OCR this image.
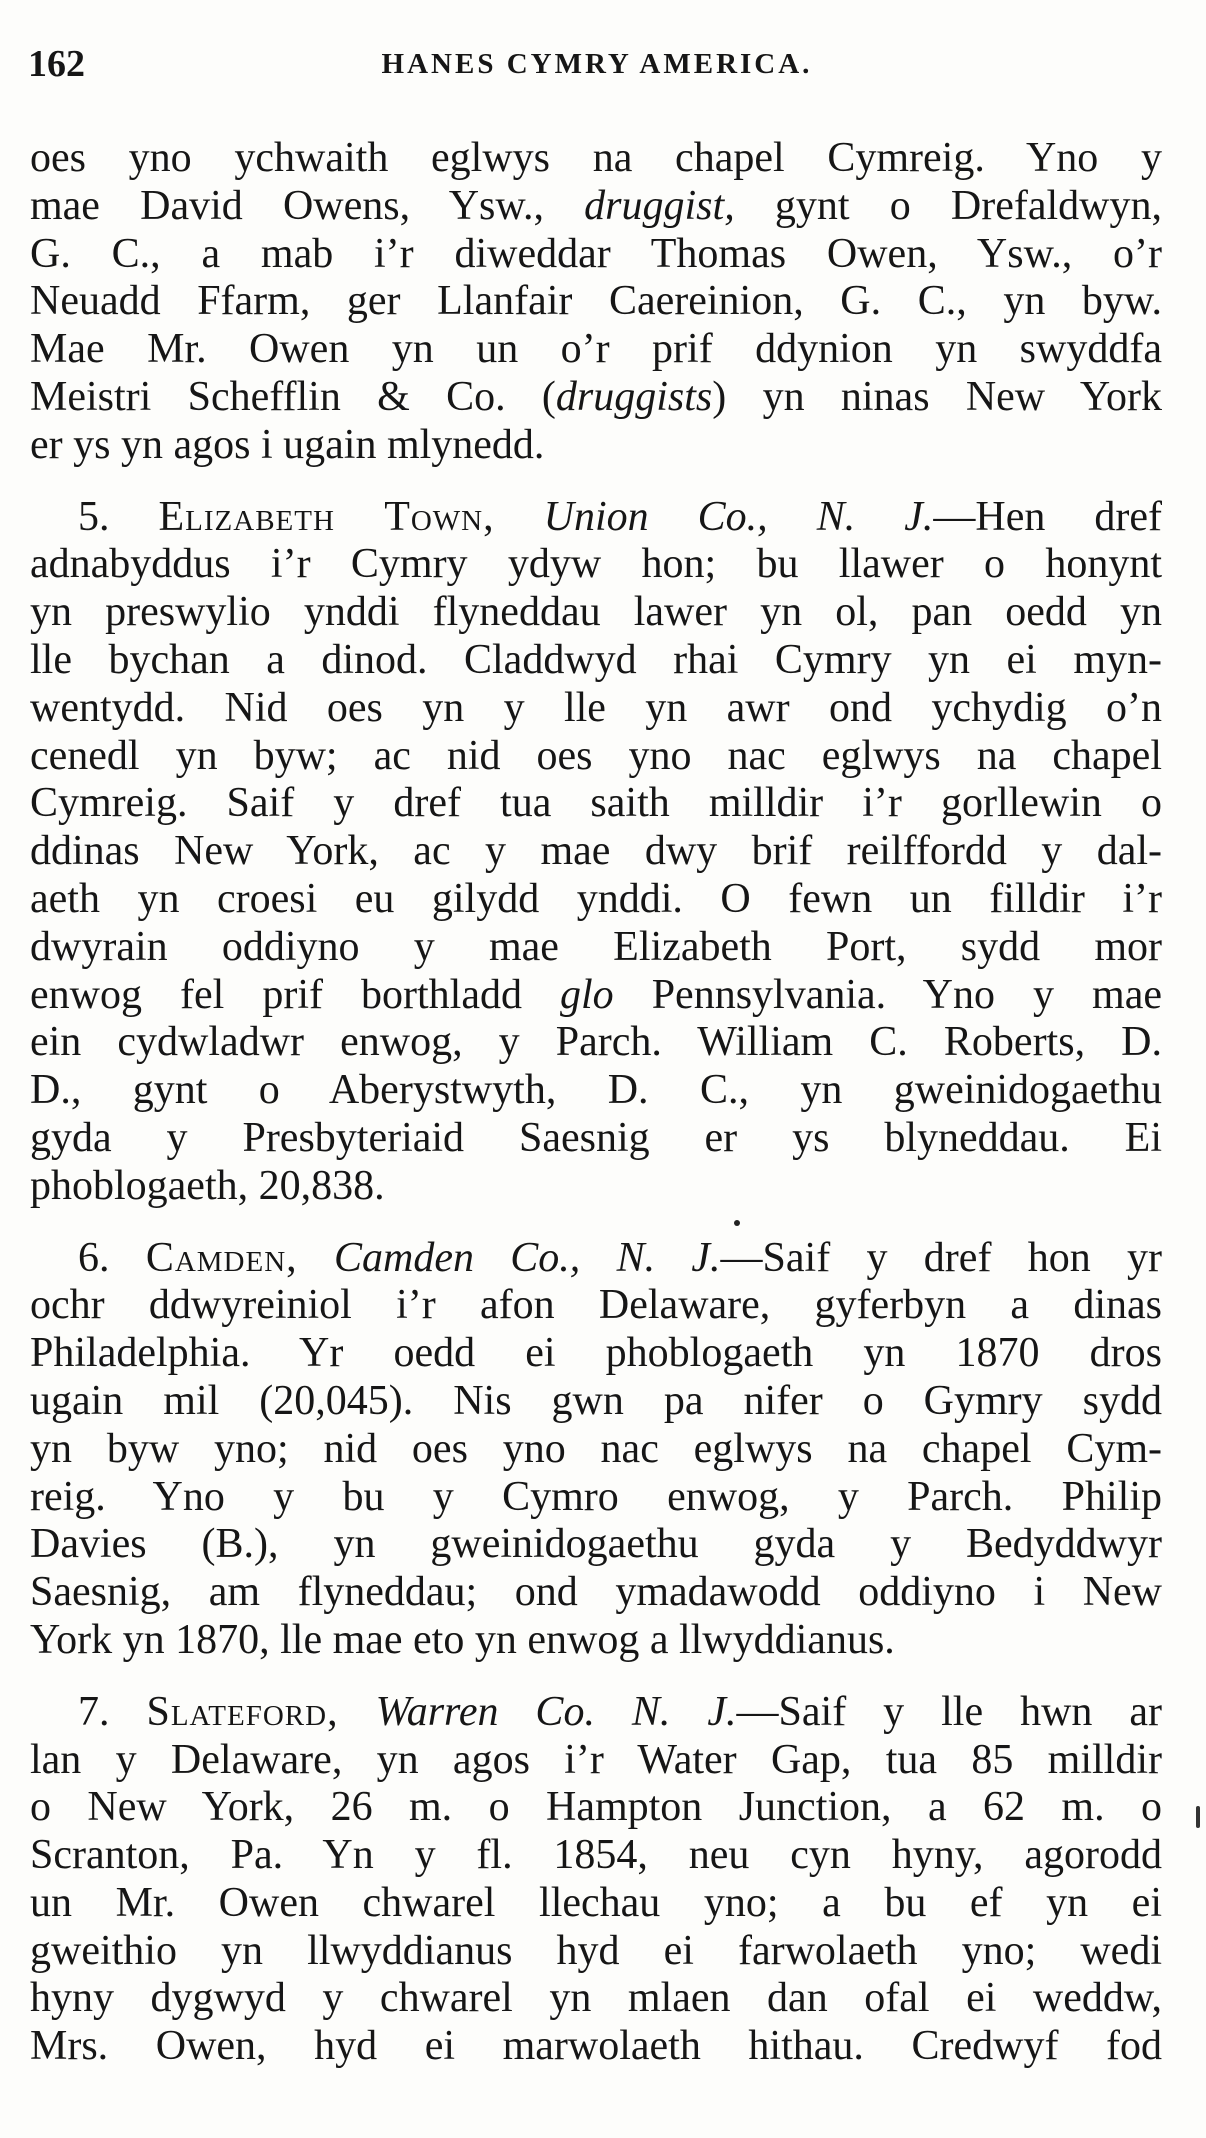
162	HANES CYMRY AMERICA.
oes yno ychwaith eglwys na chapel Cymreig. Yno y
mae David Owens, Ysw., druggist, gynt o Drefaldwyn,
G. C., a mab i’r diweddar Thomas Owen, Ysw., o’r
Neuadd Ffarm, ger Llanfair Caereinion, G. C., yn byw.
Mae Mr. Owen yn un o’r prif ddynion yn swyddfa
Meistri Schefflin & Co. (druggists) yn ninas New York
er ys yn agos i ugain mlynedd.
5. Elizabeth Town, Union Co., N. J.—Hen dref
adnabyddus i’r Cymry ydyw hon; bu llawer o honynt
yn preswylio ynddi flyneddau lawer yn ol, pan oedd yn
lle bychan a dinod. Claddwyd rhai Cymry yn ei myn-
wentydd. Nid oes yn y lle yn awr ond ychydig o’n
cenedl yn byw; ac nid oes yno nac eglwys na chapel
Cymreig. Saif y dref tua saith milldir i’r gorllewin o
ddinas New York, ac y mae dwy brif reilffordd y dal-
aeth yn croesi eu gilydd ynddi. O fewn un filldir i’r
dwyrain oddiyno y mae Elizabeth Port, sydd mor
enwog fel prif borthladd glo Pennsylvania. Yno y mae
ein cydwladwr enwog, y Parch. William C. Roberts, D.
D., gynt o Aberystwyth, D. C., yn gweinidogaethu
gyda y Presbyteriaid Saesnig er ys blyneddau. Ei
phoblogaeth, 20,838.
6. Camden, Camden Co., N. J.—Saif y dref hon yr
ochr ddwyreiniol i’r afon Delaware, gyferbyn a dinas
Philadelphia. Yr oedd ei phoblogaeth yn 1870 dros
ugain mil (20,045). Nis gwn pa nifer o Gymry sydd
yn byw yno; nid oes yno nac eglwys na chapel Cym-
reig. Yno y bu y Cymro enwog, y Parch. Philip
Davies (B.), yn gweinidogaethu gyda y Bedyddwyr
Saesnig, am flyneddau; ond ymadawodd oddiyno i New
York yn 1870, lle mae eto yn enwog a llwyddianus.
7. Slateford, Warren Co. N. J.—Saif y lle hwn ar
lan y Delaware, yn agos i’r Water Gap, tua 85 milldir
o New York, 26 m. o Hampton Junction, a 62 m. o
Scranton, Pa. Yn y fl. 1854, neu cyn hyny, agorodd
un Mr. Owen chwarel llechau yno; a bu ef yn ei
gweithio yn llwyddianus hyd ei farwolaeth yno; wedi
hyny dygwyd y chwarel yn mlaen dan ofal ei weddw,
Mrs. Owen, hyd ei marwolaeth hithau. Credwyf fod
